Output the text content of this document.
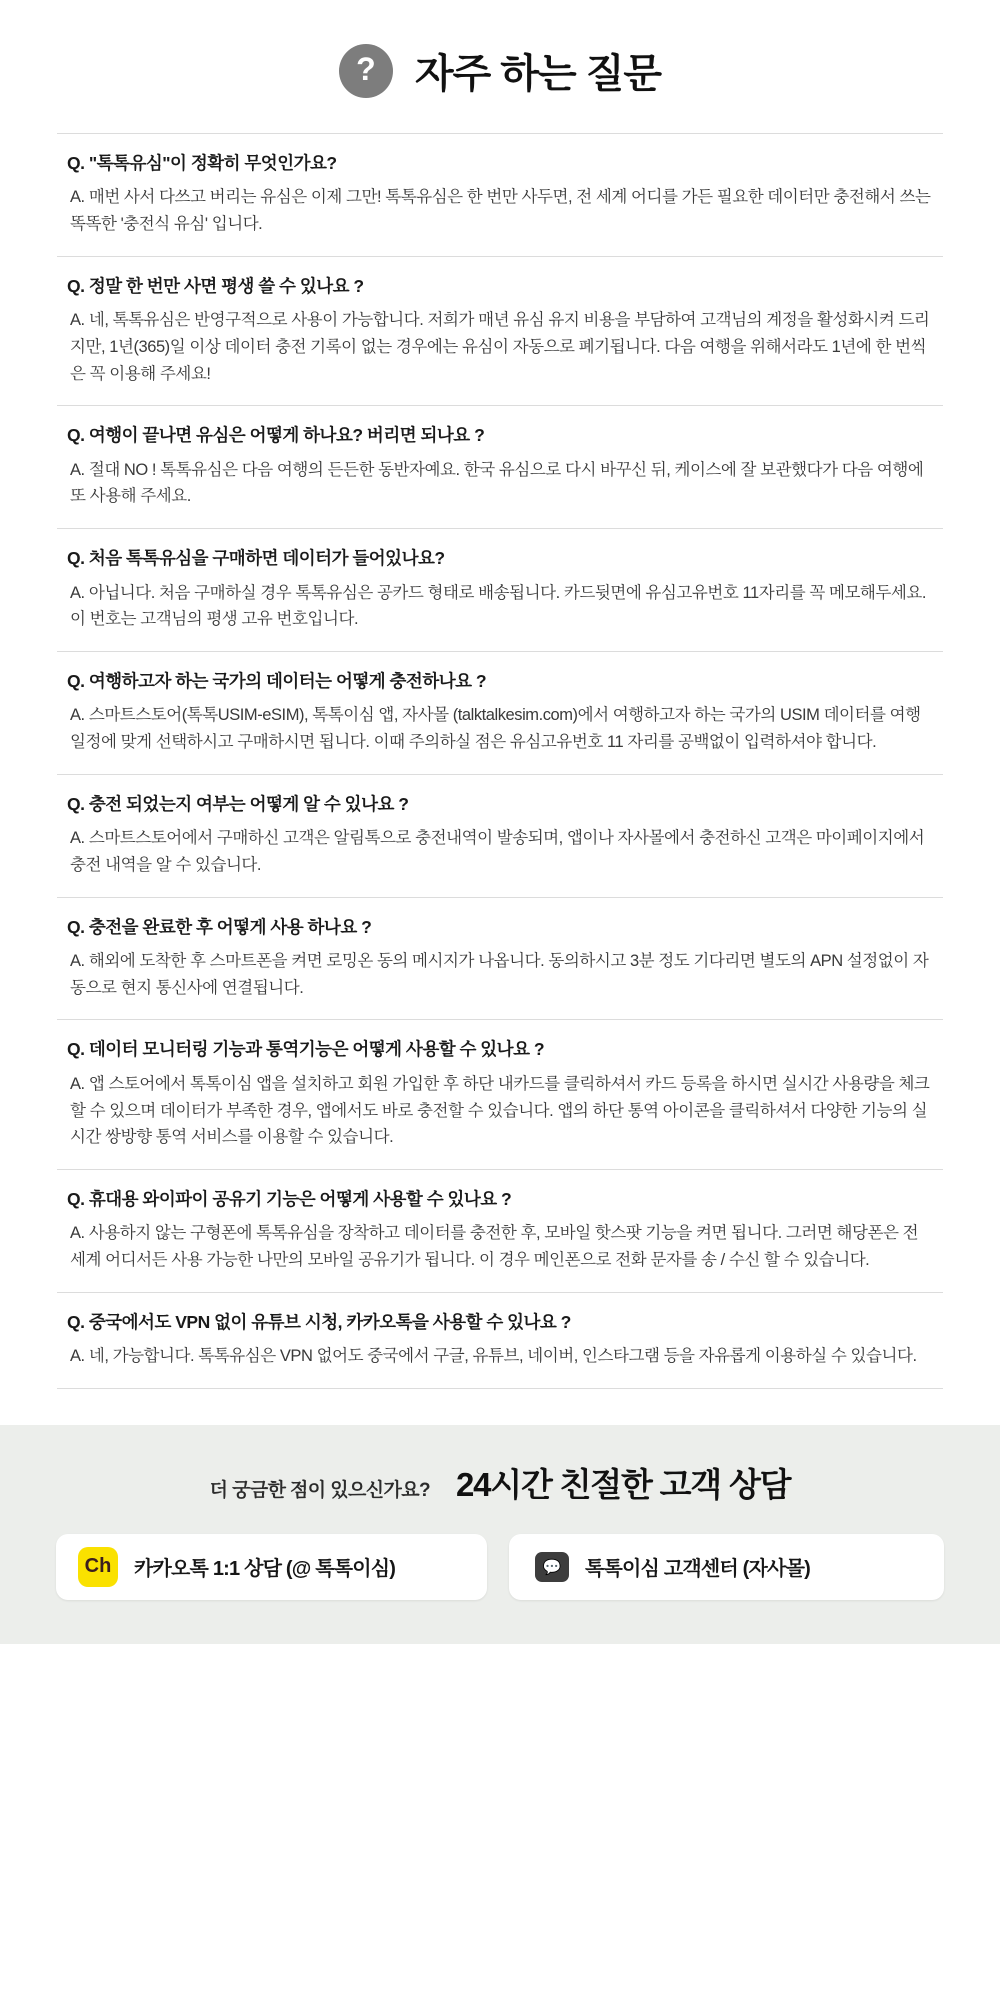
? 자주 하는 질문
Q. "톡톡유심"이 정확히 무엇인가요?
A. 매번 사서 다쓰고 버리는 유심은 이제 그만! 톡톡유심은 한 번만 사두면, 전 세계 어디를 가든 필요한 데이터만 충전해서 쓰는 똑똑한 '충전식 유심' 입니다.
Q. 정말 한 번만 사면 평생 쓸 수 있나요 ?
A. 네, 톡톡유심은 반영구적으로 사용이 가능합니다. 저희가 매년 유심 유지 비용을 부담하여 고객님의 계정을 활성화시켜 드리지만, 1년(365)일 이상 데이터 충전 기록이 없는 경우에는 유심이 자동으로 폐기됩니다. 다음 여행을 위해서라도 1년에 한 번씩은 꼭 이용해 주세요!
Q. 여행이 끝나면 유심은 어떻게 하나요? 버리면 되나요 ?
A. 절대 NO ! 톡톡유심은 다음 여행의 든든한 동반자예요. 한국 유심으로 다시 바꾸신 뒤, 케이스에 잘 보관했다가 다음 여행에 또 사용해 주세요.
Q. 처음 톡톡유심을 구매하면 데이터가 들어있나요?
A. 아닙니다. 처음 구매하실 경우 톡톡유심은 공카드 형태로 배송됩니다. 카드뒷면에 유심고유번호 11자리를 꼭 메모해두세요. 이 번호는 고객님의 평생 고유 번호입니다.
Q. 여행하고자 하는 국가의 데이터는 어떻게 충전하나요 ?
A. 스마트스토어(톡톡USIM-eSIM), 톡톡이심 앱, 자사몰 (talktalkesim.com)에서 여행하고자 하는 국가의 USIM 데이터를 여행일정에 맞게 선택하시고 구매하시면 됩니다. 이때 주의하실 점은 유심고유번호 11 자리를 공백없이 입력하셔야 합니다.
Q. 충전 되었는지 여부는 어떻게 알 수 있나요 ?
A. 스마트스토어에서 구매하신 고객은 알림톡으로 충전내역이 발송되며, 앱이나 자사몰에서 충전하신 고객은 마이페이지에서 충전 내역을 알 수 있습니다.
Q. 충전을 완료한 후 어떻게 사용 하나요 ?
A. 해외에 도착한 후 스마트폰을 켜면 로밍온 동의 메시지가 나옵니다. 동의하시고 3분 정도 기다리면 별도의 APN 설정없이 자동으로 현지 통신사에 연결됩니다.
Q. 데이터 모니터링 기능과 통역기능은 어떻게 사용할 수 있나요 ?
A. 앱 스토어에서 톡톡이심 앱을 설치하고 회원 가입한 후 하단 내카드를 클릭하셔서 카드 등록을 하시면 실시간 사용량을 체크할 수 있으며 데이터가 부족한 경우, 앱에서도 바로 충전할 수 있습니다. 앱의 하단 통역 아이콘을 클릭하셔서 다양한 기능의 실시간 쌍방향 통역 서비스를 이용할 수 있습니다.
Q. 휴대용 와이파이 공유기 기능은 어떻게 사용할 수 있나요 ?
A. 사용하지 않는 구형폰에 톡톡유심을 장착하고 데이터를 충전한 후, 모바일 핫스팟 기능을 켜면 됩니다. 그러면 해당폰은 전 세계 어디서든 사용 가능한 나만의 모바일 공유기가 됩니다. 이 경우 메인폰으로 전화 문자를 송 / 수신 할 수 있습니다.
Q. 중국에서도 VPN 없이 유튜브 시청, 카카오톡을 사용할 수 있나요 ?
A. 네, 가능합니다. 톡톡유심은 VPN 없어도 중국에서 구글, 유튜브, 네이버, 인스타그램 등을 자유롭게 이용하실 수 있습니다.
더 궁금한 점이 있으신가요? 24시간 친절한 고객 상담
Ch	카카오톡 1:1 상담 (@ 톡톡이심)	💬	톡톡이심 고객센터 (자사몰)
